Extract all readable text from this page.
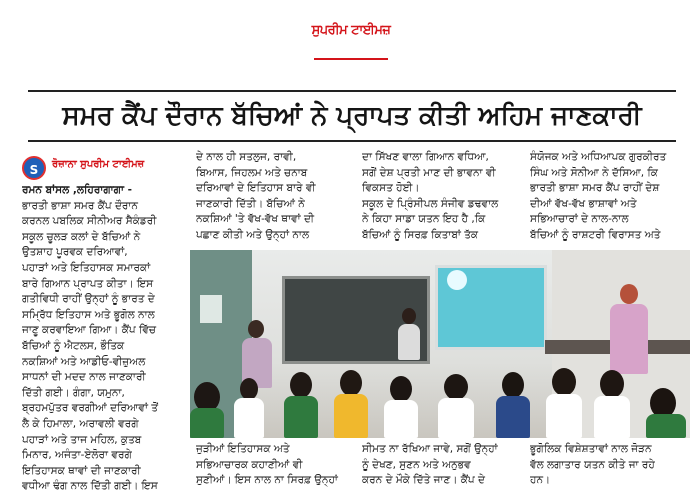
ਸੁਪਰੀਮ ਟਾਈਮਜ਼
ਸਮਰ ਕੈਂਪ ਦੌਰਾਨ ਬੱਚਿਆਂ ਨੇ ਪ੍ਰਾਪਤ ਕੀਤੀ ਅਹਿਮ ਜਾਣਕਾਰੀ
S	ਰੋਜ਼ਾਨਾ ਸੁਪਰੀਮ ਟਾਈਮਜ਼

ਰਮਨ ਬਾਂਸਲ ,ਲਹਿਰਾਗਾਗਾ -

ਭਾਰਤੀ ਭਾਸ਼ਾ ਸਮਰ ਕੈਂਪ ਦੌਰਾਨ

ਕਰਨਲ ਪਬਲਿਕ ਸੀਨੀਅਰ ਸੈਕੰਡਰੀ

ਸਕੂਲ ਚੂਲੜ ਕਲਾਂ ਦੇ ਬੱਚਿਆਂ ਨੇ

ਉਤਸ਼ਾਹ ਪੂਰਵਕ ਦਰਿਆਵਾਂ,

ਪਹਾੜਾਂ ਅਤੇ ਇਤਿਹਾਸਕ ਸਮਾਰਕਾਂ

ਬਾਰੇ ਗਿਆਨ ਪ੍ਰਾਪਤ ਕੀਤਾ। ਇਸ

ਗਤੀਵਿਧੀ ਰਾਹੀਂ ਉਨ੍ਹਾਂ ਨੂੰ ਭਾਰਤ ਦੇ

ਸਮ੍ਰਿੱਧ ਇਤਿਹਾਸ ਅਤੇ ਭੂਗੋਲ ਨਾਲ

ਜਾਣੂ ਕਰਵਾਇਆ ਗਿਆ। ਕੈਂਪ ਵਿੱਚ

ਬੱਚਿਆਂ ਨੂੰ ਐਟਲਸ, ਭੌਤਿਕ

ਨਕਸ਼ਿਆਂ ਅਤੇ ਆਡੀਓ-ਵੀਜ਼ੁਅਲ

ਸਾਧਨਾਂ ਦੀ ਮਦਦ ਨਾਲ ਜਾਣਕਾਰੀ

ਦਿੱਤੀ ਗਈ। ਗੰਗਾ, ਯਮੁਨਾ,

ਬ੍ਰਹਮਪੁੱਤਰ ਵਰਗੀਆਂ ਦਰਿਆਵਾਂ ਤੋਂ

ਲੈ ਕੇ ਹਿਮਾਲਾ, ਅਰਾਵਲੀ ਵਰਗੇ

ਪਹਾੜਾਂ ਅਤੇ ਤਾਜ ਮਹਿਲ, ਕੁਤਬ

ਮਿਨਾਰ, ਅਜੰਤਾ-ਏਲੋਰਾ ਵਰਗੇ

ਇਤਿਹਾਸਕ ਥਾਵਾਂ ਦੀ ਜਾਣਕਾਰੀ

ਵਧੀਆ ਢੰਗ ਨਾਲ ਦਿੱਤੀ ਗਈ। ਇਸ

ਦੇ ਨਾਲ ਹੀ ਸਤਲੁਜ, ਰਾਵੀ,

ਬਿਆਸ, ਜਿਹਲਮ ਅਤੇ ਚਨਾਬ

ਦਰਿਆਵਾਂ ਦੇ ਇਤਿਹਾਸ ਬਾਰੇ ਵੀ

ਜਾਣਕਾਰੀ ਦਿੱਤੀ। ਬੱਚਿਆਂ ਨੇ

ਨਕਸ਼ਿਆਂ 'ਤੇ ਵੱਖ-ਵੱਖ ਥਾਵਾਂ ਦੀ

ਪਛਾਣ ਕੀਤੀ ਅਤੇ ਉਨ੍ਹਾਂ ਨਾਲ

ਦਾ ਸਿੱਖਣ ਵਾਲਾ ਗਿਆਨ ਵਧਿਆ,

ਸਗੋਂ ਦੇਸ਼ ਪ੍ਰਤੀ ਮਾਣ ਦੀ ਭਾਵਨਾ ਵੀ

ਵਿਕਸਤ ਹੋਈ।

ਸਕੂਲ ਦੇ ਪ੍ਰਿੰਸੀਪਲ ਸੰਜੀਵ ਡਢਵਾਲ

ਨੇ ਕਿਹਾ ਸਾਡਾ ਯਤਨ ਇਹ ਹੈ ,ਕਿ

ਬੱਚਿਆਂ ਨੂੰ ਸਿਰਫ਼ ਕਿਤਾਬਾਂ ਤੱਕ

ਸੰਯੋਜਕ ਅਤੇ ਅਧਿਆਪਕ ਗੁਰਕੀਰਤ

ਸਿੰਘ ਅਤੇ ਸੋਨੀਆ ਨੇ ਦੱਸਿਆ, ਕਿ

ਭਾਰਤੀ ਭਾਸ਼ਾ ਸਮਰ ਕੈਂਪ ਰਾਹੀਂ ਦੇਸ਼

ਦੀਆਂ ਵੱਖ-ਵੱਖ ਭਾਸ਼ਾਵਾਂ ਅਤੇ

ਸਭਿਆਚਾਰਾਂ ਦੇ ਨਾਲ-ਨਾਲ

ਬੱਚਿਆਂ ਨੂੰ ਰਾਸ਼ਟਰੀ ਵਿਰਾਸਤ ਅਤੇ

ਜੁੜੀਆਂ ਇਤਿਹਾਸਕ ਅਤੇ

ਸਭਿਆਚਾਰਕ ਕਹਾਣੀਆਂ ਵੀ

ਸੁਣੀਆਂ। ਇਸ ਨਾਲ ਨਾ ਸਿਰਫ਼ ਉਨ੍ਹਾਂ

ਸੀਮਤ ਨਾ ਰੱਖਿਆ ਜਾਵੇ, ਸਗੋਂ ਉਨ੍ਹਾਂ

ਨੂੰ ਦੇਖਣ, ਸੁਣਨ ਅਤੇ ਅਨੁਭਵ

ਕਰਨ ਦੇ ਮੌਕੇ ਦਿੱਤੇ ਜਾਣ। ਕੈਂਪ ਦੇ

ਭੂਗੋਲਿਕ ਵਿਸ਼ੇਸ਼ਤਾਵਾਂ ਨਾਲ ਜੋੜਨ

ਵੱਲ ਲਗਾਤਾਰ ਯਤਨ ਕੀਤੇ ਜਾ ਰਹੇ

ਹਨ।
